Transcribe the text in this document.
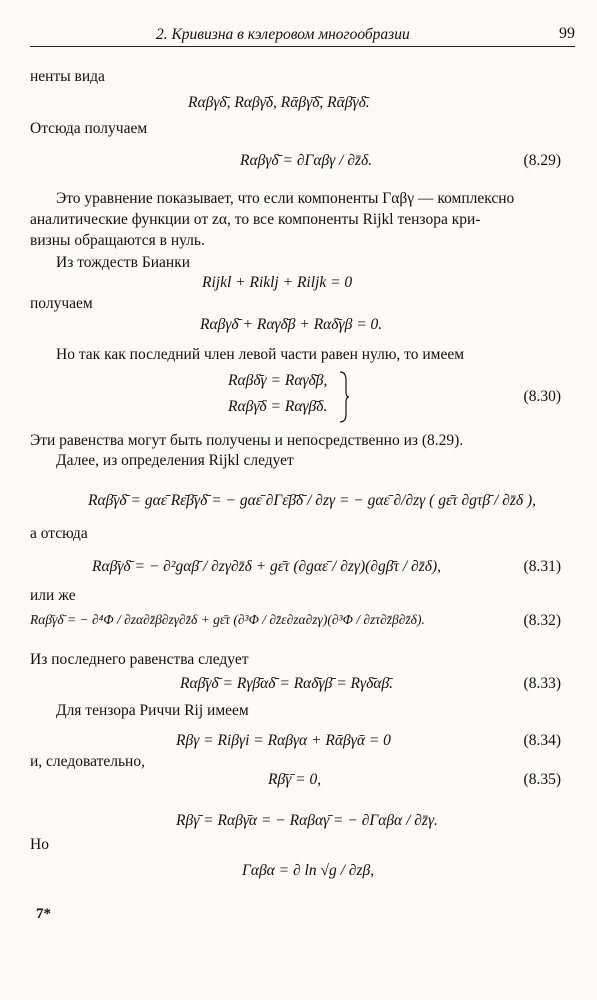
2. Кривизна в кэлеровом многообразии	99
ненты вида
Rαβγδ̄, Rαβγ̄δ, Rᾱβγ̄δ̄, Rᾱβ̄γδ̄.
Отсюда получаем
Rαβγδ̄ = ∂Γαβγ / ∂z̄δ.	(8.29)
Это уравнение показывает, что если компоненты Γαβγ — комплексно
аналитические функции от zα, то все компоненты Rijkl тензора кри-
визны обращаются в нуль.
Из тождеств Бианки
Rijkl + Riklj + Riljk = 0
получаем
Rαβγδ̄ + Rαγδ̄β + Rαδ̄γβ = 0.
Но так как последний член левой части равен нулю, то имеем
Rαβδ̄γ = Rαγδ̄β,
Rαβγ̄δ = Rαγβ̄δ.
(8.30)
Эти равенства могут быть получены и непосредственно из (8.29).
Далее, из определения Rijkl следует
Rαβ̄γδ̄ = gαε̄ Rε̄β̄γδ̄ = − gαε̄ ∂Γε̄β̄δ̄ / ∂zγ = − gαε̄ ∂/∂zγ ( gε̄τ ∂gτβ̄ / ∂z̄δ ),
а отсюда
Rαβ̄γδ̄ = − ∂²gαβ̄ / ∂zγ∂z̄δ + gε̄τ (∂gαε̄ / ∂zγ)(∂gβ̄τ / ∂z̄δ),	(8.31)
или же
Rαβ̄γδ̄ = − ∂⁴Φ / ∂zα∂z̄β∂zγ∂z̄δ + gε̄τ (∂³Φ / ∂z̄ε∂zα∂zγ)(∂³Φ / ∂zτ∂z̄β∂z̄δ).	(8.32)
Из последнего равенства следует
Rαβ̄γδ̄ = Rγβ̄αδ̄ = Rαδ̄γβ̄ = Rγδ̄αβ̄.	(8.33)
Для тензора Риччи Rij имеем
Rβγ = Riβγi = Rαβγα + Rᾱβγᾱ = 0	(8.34)
и, следовательно,
Rβ̄γ̄ = 0,	(8.35)
Rβγ̄ = Rαβγ̄α = − Rαβαγ̄ = − ∂Γαβα / ∂z̄γ.
Но
Γαβα = ∂ ln √g / ∂zβ,
7*
